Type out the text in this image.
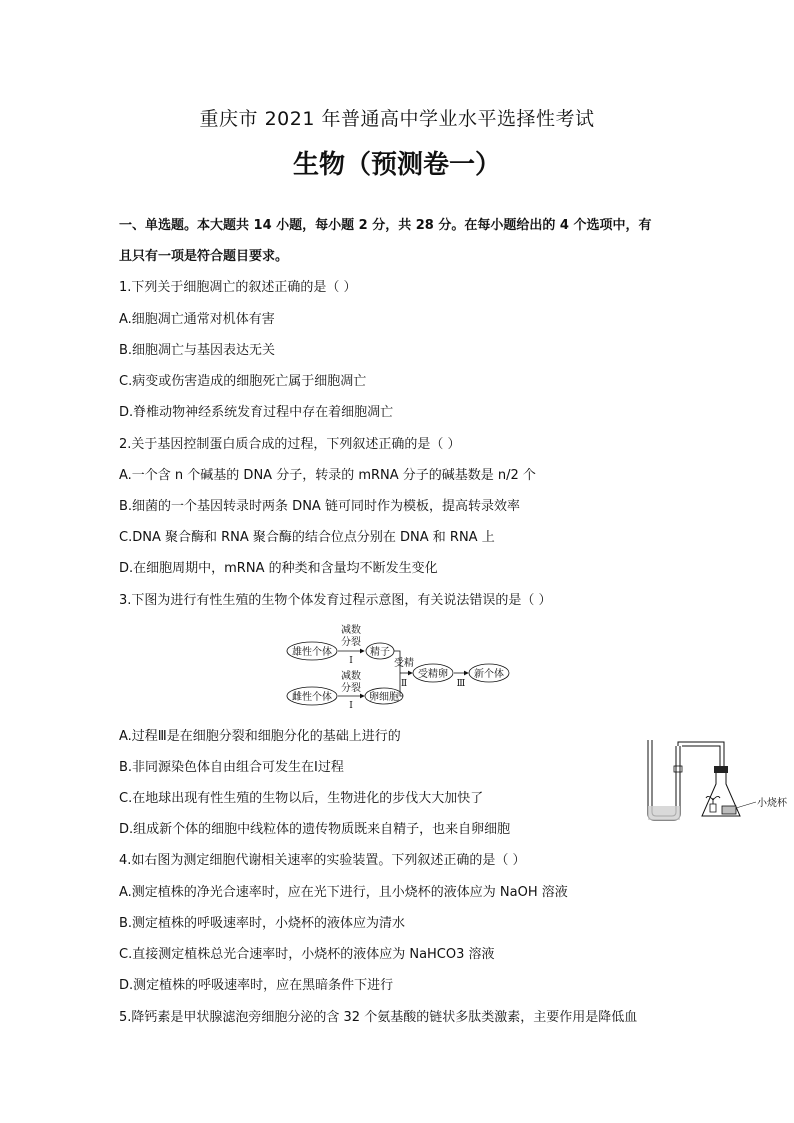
重庆市 2021 年普通高中学业水平选择性考试
生物（预测卷一）
一、单选题。本大题共 14 小题，每小题 2 分，共 28 分。在每小题给出的 4 个选项中，有
且只有一项是符合题目要求。
1.下列关于细胞凋亡的叙述正确的是（ ）
A.细胞凋亡通常对机体有害
B.细胞凋亡与基因表达无关
C.病变或伤害造成的细胞死亡属于细胞凋亡
D.脊椎动物神经系统发育过程中存在着细胞凋亡
2.关于基因控制蛋白质合成的过程，下列叙述正确的是（ ）
A.一个含 n 个碱基的 DNA 分子，转录的 mRNA 分子的碱基数是 n/2 个
B.细菌的一个基因转录时两条 DNA 链可同时作为模板，提高转录效率
C.DNA 聚合酶和 RNA 聚合酶的结合位点分别在 DNA 和 RNA 上
D.在细胞周期中，mRNA 的种类和含量均不断发生变化
3.下图为进行有性生殖的生物个体发育过程示意图，有关说法错误的是（ ）
雄性个体
减数
分裂
Ⅰ
精子
雌性个体
减数
分裂
Ⅰ
卵细胞
受精
Ⅱ
受精卵
Ⅲ
新个体
A.过程Ⅲ是在细胞分裂和细胞分化的基础上进行的
B.非同源染色体自由组合可发生在Ⅰ过程
C.在地球出现有性生殖的生物以后，生物进化的步伐大大加快了
D.组成新个体的细胞中线粒体的遗传物质既来自精子，也来自卵细胞
小烧杯
4.如右图为测定细胞代谢相关速率的实验装置。下列叙述正确的是（ ）
A.测定植株的净光合速率时，应在光下进行，且小烧杯的液体应为 NaOH 溶液
B.测定植株的呼吸速率时，小烧杯的液体应为清水
C.直接测定植株总光合速率时，小烧杯的液体应为 NaHCO3 溶液
D.测定植株的呼吸速率时，应在黑暗条件下进行
5.降钙素是甲状腺滤泡旁细胞分泌的含 32 个氨基酸的链状多肽类激素，主要作用是降低血
